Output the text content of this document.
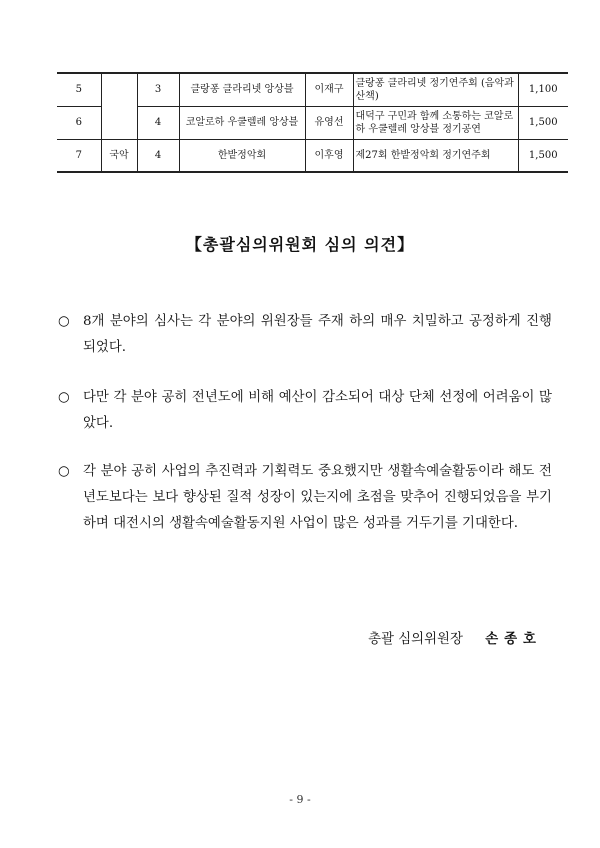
5		3	클랑퐁 클라리넷 앙상블	이재구	클랑퐁 클라리넷 정기연주회 (음악과 산책)	1,100
6		4	코알로하 우쿨렐레 앙상블	유영선	대덕구 구민과 함께 소통하는 코알로하 우쿨렐레 앙상블 정기공연	1,500
7	국악	4	한밭정악회	이후영	제27회 한밭정악회 정기연주회	1,500
【총괄심의위원회 심의 의견】
○ 8개 분야의 심사는 각 분야의 위원장들 주재 하의 매우 치밀하고 공정하게 진행되었다.
○ 다만 각 분야 공히 전년도에 비해 예산이 감소되어 대상 단체 선정에 어려움이 많았다.
○ 각 분야 공히 사업의 추진력과 기획력도 중요했지만 생활속예술활동이라 해도 전년도보다는 보다 향상된 질적 성장이 있는지에 초점을 맞추어 진행되었음을 부기하며 대전시의 생활속예술활동지원 사업이 많은 성과를 거두기를 기대한다.
총괄 심의위원장 손종호
- 9 -
